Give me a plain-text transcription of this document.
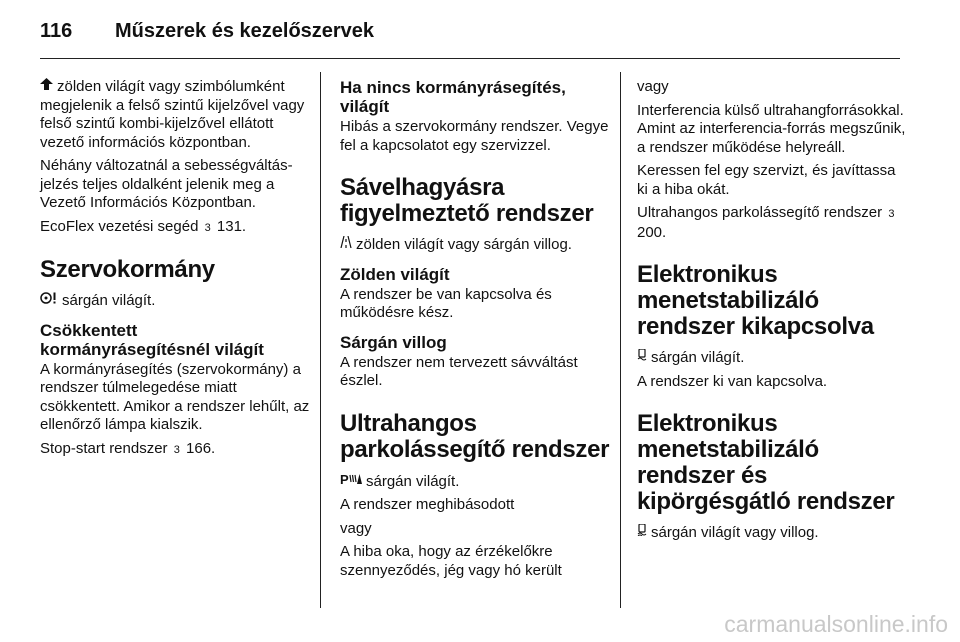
116	Műszerek és kezelőszervek

zölden világít vagy szimbólumként megjelenik a felső szintű kijelzővel vagy felső szintű kombi-kijelzővel ellátott vezető információs központban.

Néhány változatnál a sebességváltás-jelzés teljes oldalként jelenik meg a Vezető Információs Központban.

EcoFlex vezetési segéd 3 131.

Szervokormány

sárgán világít.

Csökkentett kormányrásegítésnél világít

A kormányrásegítés (szervokormány) a rendszer túlmelegedése miatt csökkentett. Amikor a rendszer lehűlt, az ellenőrző lámpa kialszik.

Stop-start rendszer 3 166.

Ha nincs kormányrásegítés, világít

Hibás a szervokormány rendszer. Vegye fel a kapcsolatot egy szervizzel.

Sávelhagyásra figyelmeztető rendszer

zölden világít vagy sárgán villog.

Zölden világít

A rendszer be van kapcsolva és működésre kész.

Sárgán villog

A rendszer nem tervezett sávváltást észlel.

Ultrahangos parkolássegítő rendszer

P sárgán világít.

A rendszer meghibásodott

vagy

A hiba oka, hogy az érzékelőkre szennyeződés, jég vagy hó került

vagy

Interferencia külső ultrahangforrásokkal. Amint az interferencia-forrás megszűnik, a rendszer működése helyreáll.

Keressen fel egy szervizt, és javíttassa ki a hiba okát.

Ultrahangos parkolássegítő rendszer 3 200.

Elektronikus menetstabilizáló rendszer kikapcsolva

sárgán világít.

A rendszer ki van kapcsolva.

Elektronikus menetstabilizáló rendszer és kipörgésgátló rendszer

sárgán világít vagy villog.

carmanualsonline.info
